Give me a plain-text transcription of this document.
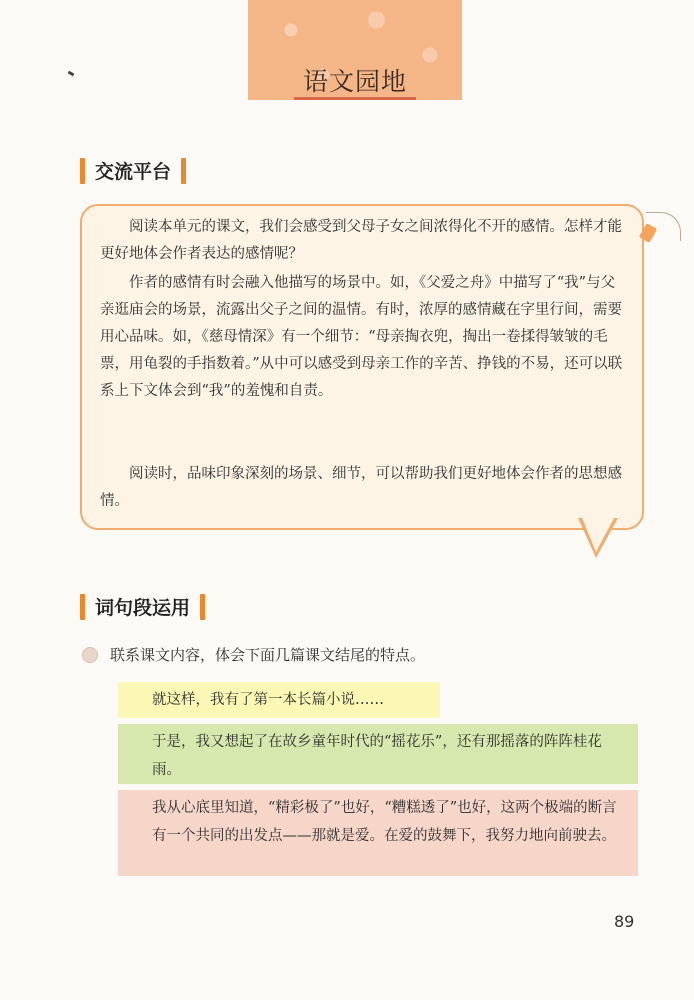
语文园地
交流平台

阅读本单元的课文，我们会感受到父母子女之间浓得化不开的感情。怎样才能更好地体会作者表达的感情呢？

作者的感情有时会融入他描写的场景中。如，《父爱之舟》中描写了“我”与父亲逛庙会的场景，流露出父子之间的温情。有时，浓厚的感情藏在字里行间，需要用心品味。如，《慈母情深》有一个细节：“母亲掏衣兜，掏出一卷揉得皱皱的毛票，用龟裂的手指数着。”从中可以感受到母亲工作的辛苦、挣钱的不易，还可以联系上下文体会到“我”的羞愧和自责。

阅读时，品味印象深刻的场景、细节，可以帮助我们更好地体会作者的思想感情。

词句段运用
联系课文内容，体会下面几篇课文结尾的特点。
就这样，我有了第一本长篇小说……
于是，我又想起了在故乡童年时代的“摇花乐”，还有那摇落的阵阵桂花雨。
我从心底里知道，“精彩极了”也好，“糟糕透了”也好，这两个极端的断言有一个共同的出发点——那就是爱。在爱的鼓舞下，我努力地向前驶去。
89
